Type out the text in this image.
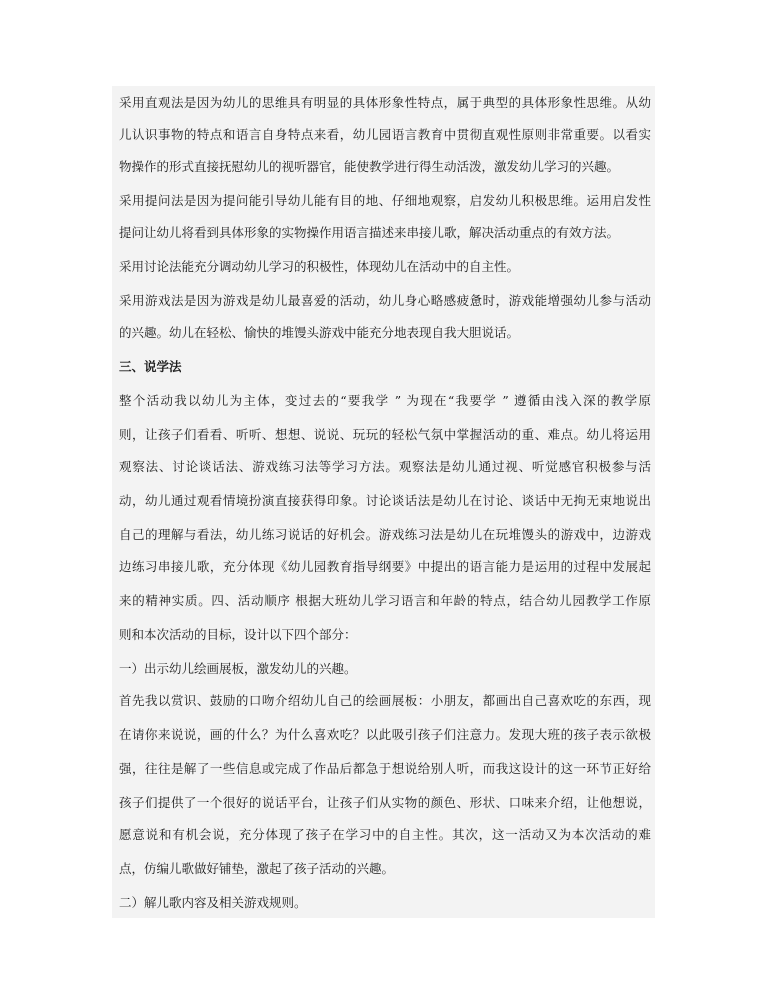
采用直观法是因为幼儿的思维具有明显的具体形象性特点，属于典型的具体形象性思维。从幼
儿认识事物的特点和语言自身特点来看，幼儿园语言教育中贯彻直观性原则非常重要。以看实
物操作的形式直接抚慰幼儿的视听器官，能使教学进行得生动活泼，激发幼儿学习的兴趣。
采用提问法是因为提问能引导幼儿能有目的地、仔细地观察，启发幼儿积极思维。运用启发性
提问让幼儿将看到具体形象的实物操作用语言描述来串接儿歌，解决活动重点的有效方法。
采用讨论法能充分调动幼儿学习的积极性，体现幼儿在活动中的自主性。
采用游戏法是因为游戏是幼儿最喜爱的活动，幼儿身心略感疲惫时，游戏能增强幼儿参与活动
的兴趣。幼儿在轻松、愉快的堆馒头游戏中能充分地表现自我大胆说话。
三、说学法
整个活动我以幼儿为主体，变过去的“要我学 ” 为现在“我要学 ” 遵循由浅入深的教学原
则，让孩子们看看、听听、想想、说说、玩玩的轻松气氛中掌握活动的重、难点。幼儿将运用
观察法、讨论谈话法、游戏练习法等学习方法。观察法是幼儿通过视、听觉感官积极参与活
动，幼儿通过观看情境扮演直接获得印象。讨论谈话法是幼儿在讨论、谈话中无拘无束地说出
自己的理解与看法，幼儿练习说话的好机会。游戏练习法是幼儿在玩堆馒头的游戏中，边游戏
边练习串接儿歌，充分体现《幼儿园教育指导纲要》中提出的语言能力是运用的过程中发展起
来的精神实质。四、活动顺序 根据大班幼儿学习语言和年龄的特点，结合幼儿园教学工作原
则和本次活动的目标，设计以下四个部分：
一）出示幼儿绘画展板，激发幼儿的兴趣。
首先我以赏识、鼓励的口吻介绍幼儿自己的绘画展板：小朋友，都画出自己喜欢吃的东西，现
在请你来说说，画的什么？为什么喜欢吃？以此吸引孩子们注意力。发现大班的孩子表示欲极
强，往往是解了一些信息或完成了作品后都急于想说给别人听，而我这设计的这一环节正好给
孩子们提供了一个很好的说话平台，让孩子们从实物的颜色、形状、口味来介绍，让他想说，
愿意说和有机会说，充分体现了孩子在学习中的自主性。其次，这一活动又为本次活动的难
点，仿编儿歌做好铺垫，激起了孩子活动的兴趣。
二）解儿歌内容及相关游戏规则。
